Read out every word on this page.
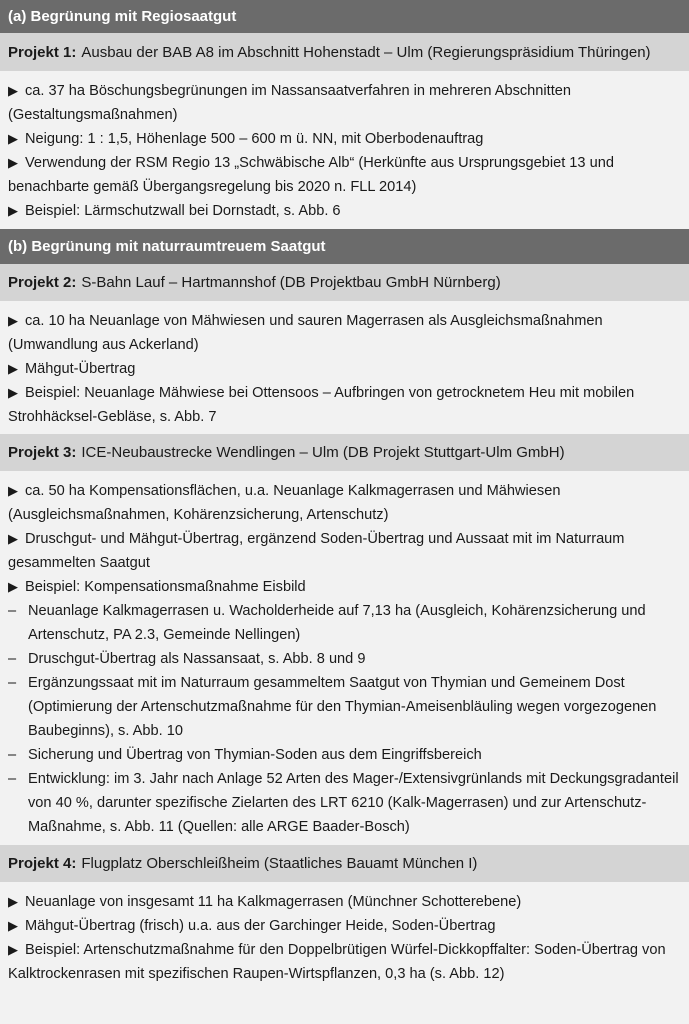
(a) Begrünung mit Regiosaatgut
Projekt 1: Ausbau der BAB A8 im Abschnitt Hohenstadt – Ulm (Regierungspräsidium Thüringen)
▶ ca. 37 ha Böschungsbegrünungen im Nassansaatverfahren in mehreren Abschnitten (Gestaltungsmaßnahmen)
▶ Neigung: 1 : 1,5, Höhenlage 500 – 600 m ü. NN, mit Oberbodenauftrag
▶ Verwendung der RSM Regio 13 „Schwäbische Alb“ (Herkünfte aus Ursprungsgebiet 13 und benachbarte gemäß Übergangsregelung bis 2020 n. FLL 2014)
▶ Beispiel: Lärmschutzwall bei Dornstadt, s. Abb. 6
(b) Begrünung mit naturraumtreuem Saatgut
Projekt 2: S-Bahn Lauf – Hartmannshof (DB Projektbau GmbH Nürnberg)
▶ ca. 10 ha Neuanlage von Mähwiesen und sauren Magerrasen als Ausgleichsmaßnahmen (Umwandlung aus Ackerland)
▶ Mähgut-Übertrag
▶ Beispiel: Neuanlage Mähwiese bei Ottensoos – Aufbringen von getrocknetem Heu mit mobilen Strohhäcksel-Gebläse, s. Abb. 7
Projekt 3: ICE-Neubaustrecke Wendlingen – Ulm (DB Projekt Stuttgart-Ulm GmbH)
▶ ca. 50 ha Kompensationsflächen, u.a. Neuanlage Kalkmagerrasen und Mähwiesen (Ausgleichsmaßnahmen, Kohärenzsicherung, Artenschutz)
▶ Druschgut- und Mähgut-Übertrag, ergänzend Soden-Übertrag und Aussaat mit im Naturraum gesammelten Saatgut
▶ Beispiel: Kompensationsmaßnahme Eisbild
– Neuanlage Kalkmagerrasen u. Wacholderheide auf 7,13 ha (Ausgleich, Kohärenzsicherung und Artenschutz, PA 2.3, Gemeinde Nellingen)
– Druschgut-Übertrag als Nassansaat, s. Abb. 8 und 9
– Ergänzungssaat mit im Naturraum gesammeltem Saatgut von Thymian und Gemeinem Dost (Optimierung der Artenschutzmaßnahme für den Thymian-Ameisenbläuling wegen vorgezogenen Baubeginns), s. Abb. 10
– Sicherung und Übertrag von Thymian-Soden aus dem Eingriffsbereich
– Entwicklung: im 3. Jahr nach Anlage 52 Arten des Mager-/Extensivgrünlands mit Deckungsgradanteil von 40 %, darunter spezifische Zielarten des LRT 6210 (Kalk-Magerrasen) und zur Artenschutz-Maßnahme, s. Abb. 11 (Quellen: alle ARGE Baader-Bosch)
Projekt 4: Flugplatz Oberschleißheim (Staatliches Bauamt München I)
▶ Neuanlage von insgesamt 11 ha Kalkmagerrasen (Münchner Schotterebene)
▶ Mähgut-Übertrag (frisch) u.a. aus der Garchinger Heide, Soden-Übertrag
▶ Beispiel: Artenschutzmaßnahme für den Doppelbrütigen Würfel-Dickkopffalter: Soden-Übertrag von Kalktrockenrasen mit spezifischen Raupen-Wirtspflanzen, 0,3 ha (s. Abb. 12)
